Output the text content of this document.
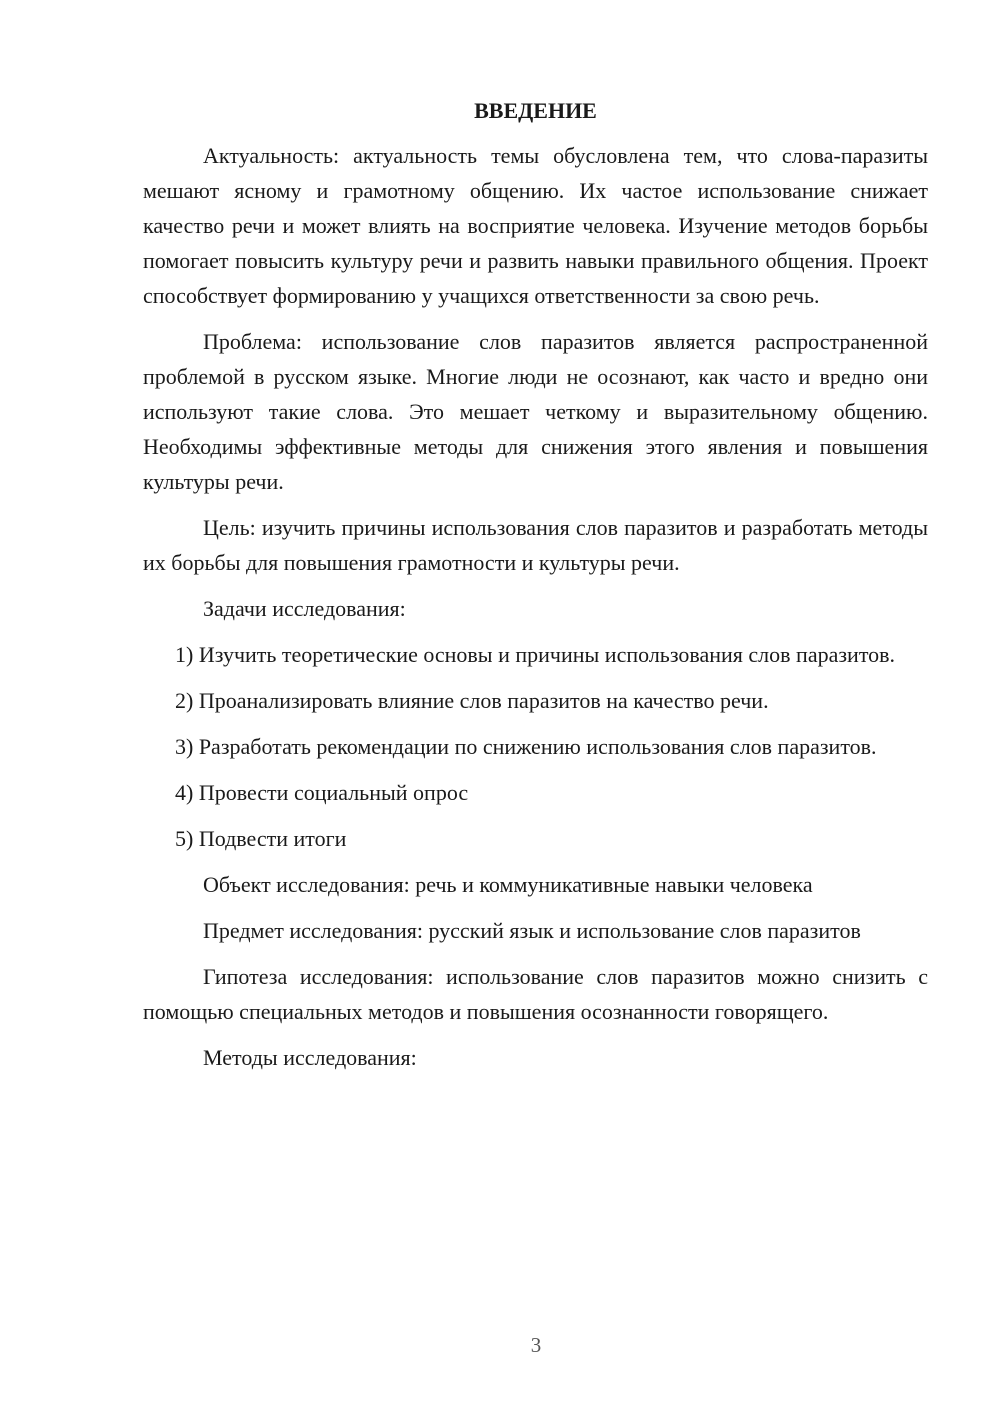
ВВЕДЕНИЕ

Актуальность: актуальность темы обусловлена тем, что слова-паразиты мешают ясному и грамотному общению. Их частое использование снижает качество речи и может влиять на восприятие человека. Изучение методов борьбы помогает повысить культуру речи и развить навыки правильного общения. Проект способствует формированию у учащихся ответственности за свою речь.

Проблема: использование слов паразитов является распространенной проблемой в русском языке. Многие люди не осознают, как часто и вредно они используют такие слова. Это мешает четкому и выразительному общению. Необходимы эффективные методы для снижения этого явления и повышения культуры речи.

Цель: изучить причины использования слов паразитов и разработать методы их борьбы для повышения грамотности и культуры речи.

Задачи исследования:

1) Изучить теоретические основы и причины использования слов паразитов.

2) Проанализировать влияние слов паразитов на качество речи.

3) Разработать рекомендации по снижению использования слов паразитов.

4) Провести социальный опрос

5) Подвести итоги

Объект исследования: речь и коммуникативные навыки человека

Предмет исследования: русский язык и использование слов паразитов

Гипотеза исследования: использование слов паразитов можно снизить с помощью специальных методов и повышения осознанности говорящего.

Методы исследования:

3
